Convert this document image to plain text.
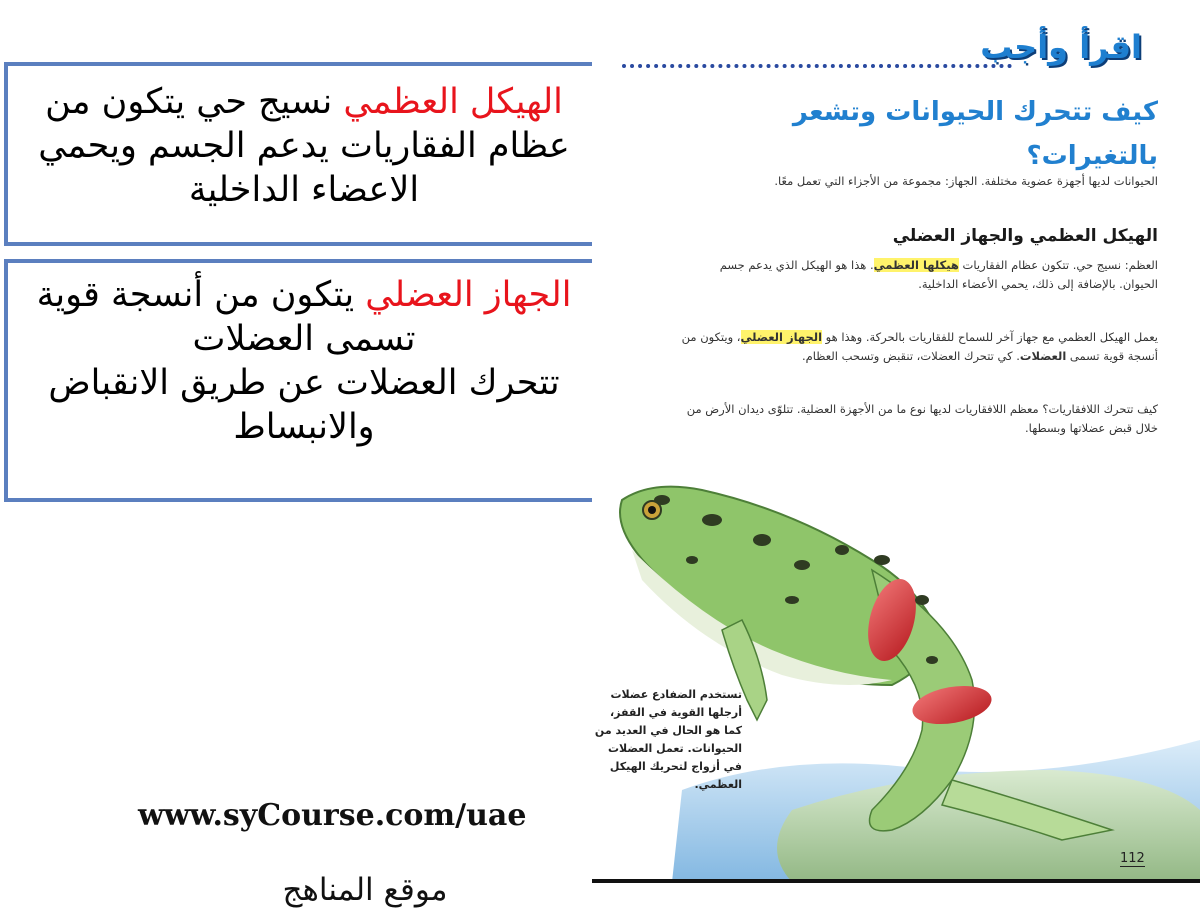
الهيكل العظمي نسيج حي يتكون من عظام الفقاريات يدعم الجسم ويحمي الاعضاء الداخلية
الجهاز العضلي يتكون من أنسجة قوية تسمى العضلات
تتحرك العضلات عن طريق الانقباض والانبساط
www.syCourse.com/uae
موقع المناهج
اقرأ وأجب
كيف تتحرك الحيوانات وتشعر
بالتغيرات؟
الحيوانات لديها أجهزة عضوية مختلفة. الجهاز: مجموعة من الأجزاء التي تعمل معًا.
الهيكل العظمي والجهاز العضلي
العظم: نسيج حي. تتكون عظام الفقاريات هيكلها العظمي. هذا هو الهيكل الذي يدعم جسم الحيوان. بالإضافة إلى ذلك، يحمي الأعضاء الداخلية.
يعمل الهيكل العظمي مع جهاز آخر للسماح للفقاريات بالحركة. وهذا هو الجهاز العضلي، ويتكون من أنسجة قوية تسمى العضلات. كي تتحرك العضلات، تنقبض وتسحب العظام.
كيف تتحرك اللافقاريات؟ معظم اللافقاريات لديها نوع ما من الأجهزة العضلية. تتلوّى ديدان الأرض من خلال قبض عضلاتها وبسطها.
تستخدم الضفادع عضلات أرجلها القوية في القفز، كما هو الحال في العديد من الحيوانات. تعمل العضلات في أزواج لتحريك الهيكل العظمي.
112
